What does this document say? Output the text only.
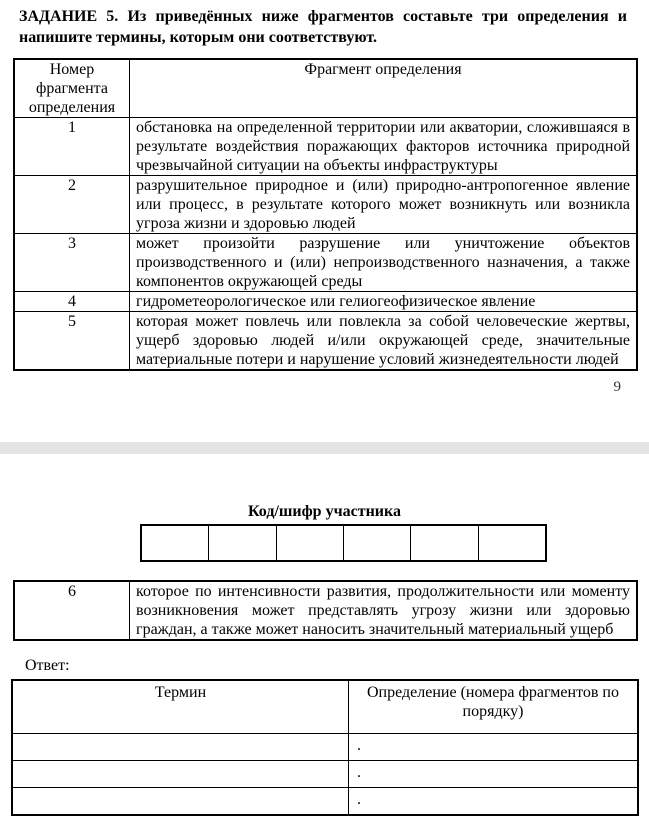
ЗАДАНИЕ 5. Из приведённых ниже фрагментов составьте три определения и напишите термины, которым они соответствуют.
Номер фрагмента определения	Фрагмент определения
1	обстановка на определенной территории или акватории, сложившаяся в результате воздействия поражающих факторов источника природной чрезвычайной ситуации на объекты инфраструктуры
2	разрушительное природное и (или) природно-антропогенное явление или процесс, в результате которого может возникнуть или возникла угроза жизни и здоровью людей
3	может произойти разрушение или уничтожение объектов производственного и (или) непроизводственного назначения, а также компонентов окружающей среды
4	гидрометеорологическое или гелиогеофизическое явление
5	которая может повлечь или повлекла за собой человеческие жертвы, ущерб здоровью людей и/или окружающей среде, значительные материальные потери и нарушение условий жизнедеятельности людей
9
Код/шифр участника
6	которое по интенсивности развития, продолжительности или моменту возникновения может представлять угрозу жизни или здоровью граждан, а также может наносить значительный материальный ущерб
Ответ:
Термин	Определение (номера фрагментов по порядку)
	.
	.
	.
